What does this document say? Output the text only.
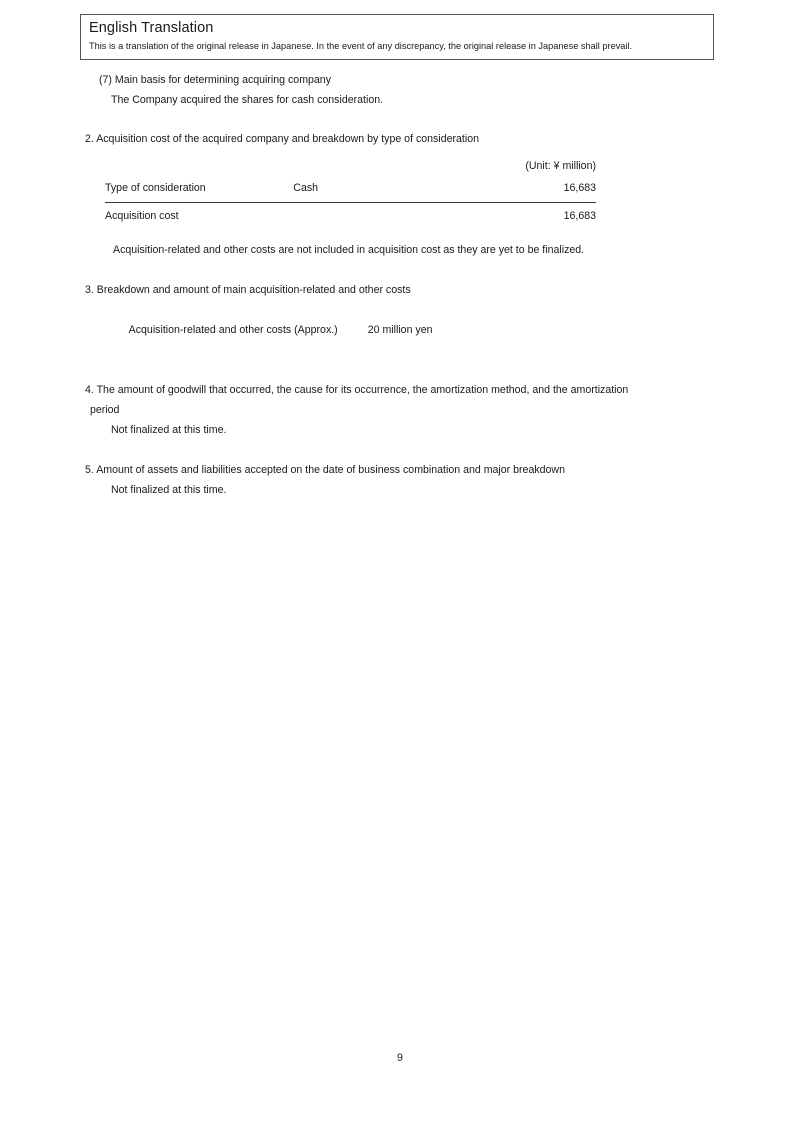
English Translation
This is a translation of the original release in Japanese. In the event of any discrepancy, the original release in Japanese shall prevail.
(7) Main basis for determining acquiring company
The Company acquired the shares for cash consideration.
2. Acquisition cost of the acquired company and breakdown by type of consideration
(Unit: ¥ million)
Type of consideration	Cash	16,683
Acquisition cost		16,683
Acquisition-related and other costs are not included in acquisition cost as they are yet to be finalized.
3. Breakdown and amount of main acquisition-related and other costs

Acquisition-related and other costs (Approx.)	20 million yen

4. The amount of goodwill that occurred, the cause for its occurrence, the amortization method, and the amortization
period
Not finalized at this time.
5. Amount of assets and liabilities accepted on the date of business combination and major breakdown
Not finalized at this time.
9
